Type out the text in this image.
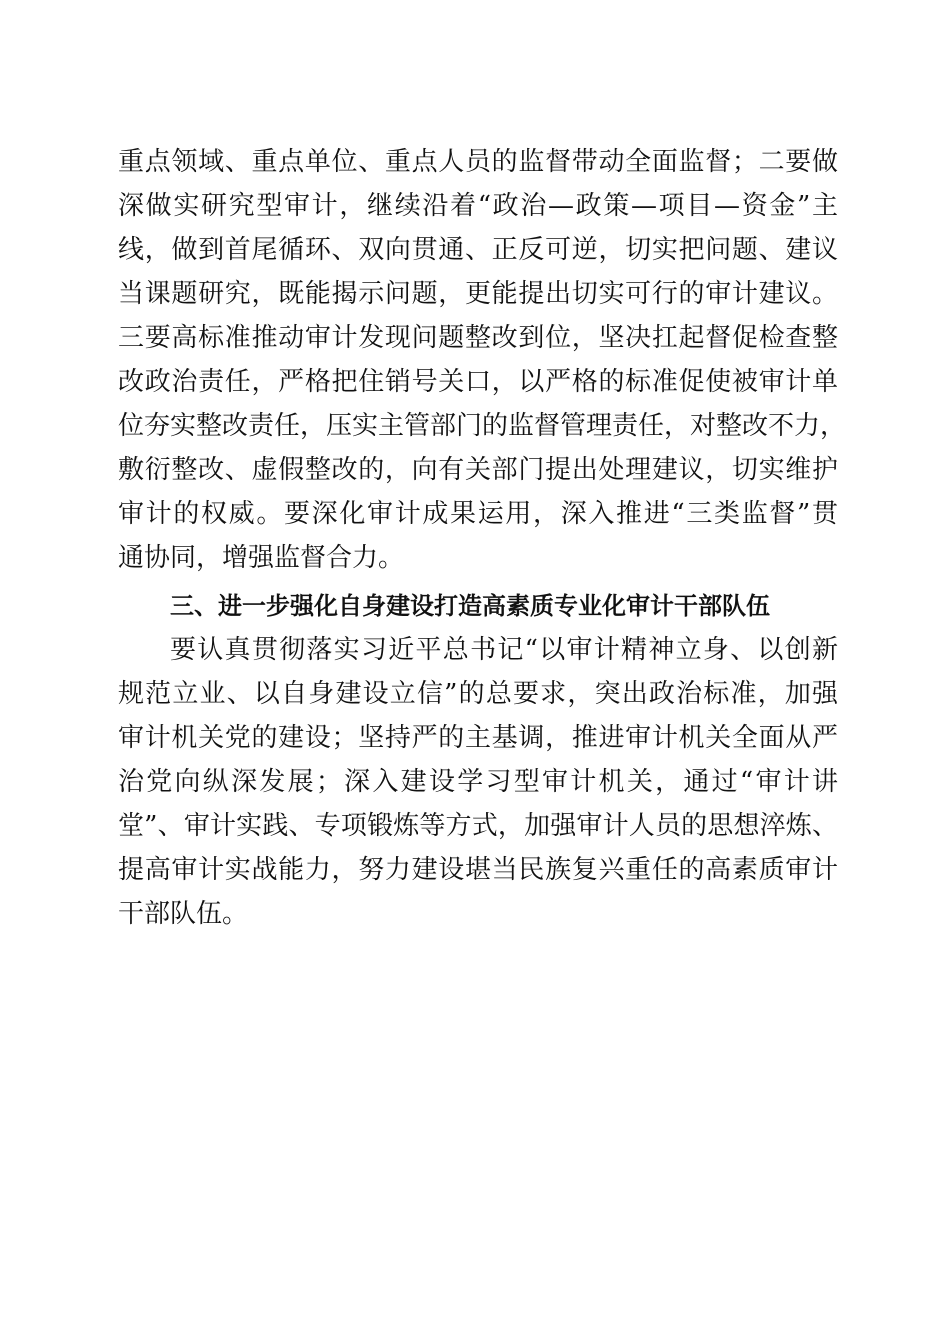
重点领域、重点单位、重点人员的监督带动全面监督；二要做
深做实研究型审计，继续沿着“政治—政策—项目—资金”主
线，做到首尾循环、双向贯通、正反可逆，切实把问题、建议
当课题研究，既能揭示问题，更能提出切实可行的审计建议。
三要高标准推动审计发现问题整改到位，坚决扛起督促检查整
改政治责任，严格把住销号关口，以严格的标准促使被审计单
位夯实整改责任，压实主管部门的监督管理责任，对整改不力，
敷衍整改、虚假整改的，向有关部门提出处理建议，切实维护
审计的权威。要深化审计成果运用，深入推进“三类监督”贯
通协同，增强监督合力。
三、进一步强化自身建设打造高素质专业化审计干部队伍
要认真贯彻落实习近平总书记“以审计精神立身、以创新
规范立业、以自身建设立信”的总要求，突出政治标准，加强
审计机关党的建设；坚持严的主基调，推进审计机关全面从严
治党向纵深发展；深入建设学习型审计机关，通过“审计讲
堂”、审计实践、专项锻炼等方式，加强审计人员的思想淬炼、
提高审计实战能力，努力建设堪当民族复兴重任的高素质审计
干部队伍。
